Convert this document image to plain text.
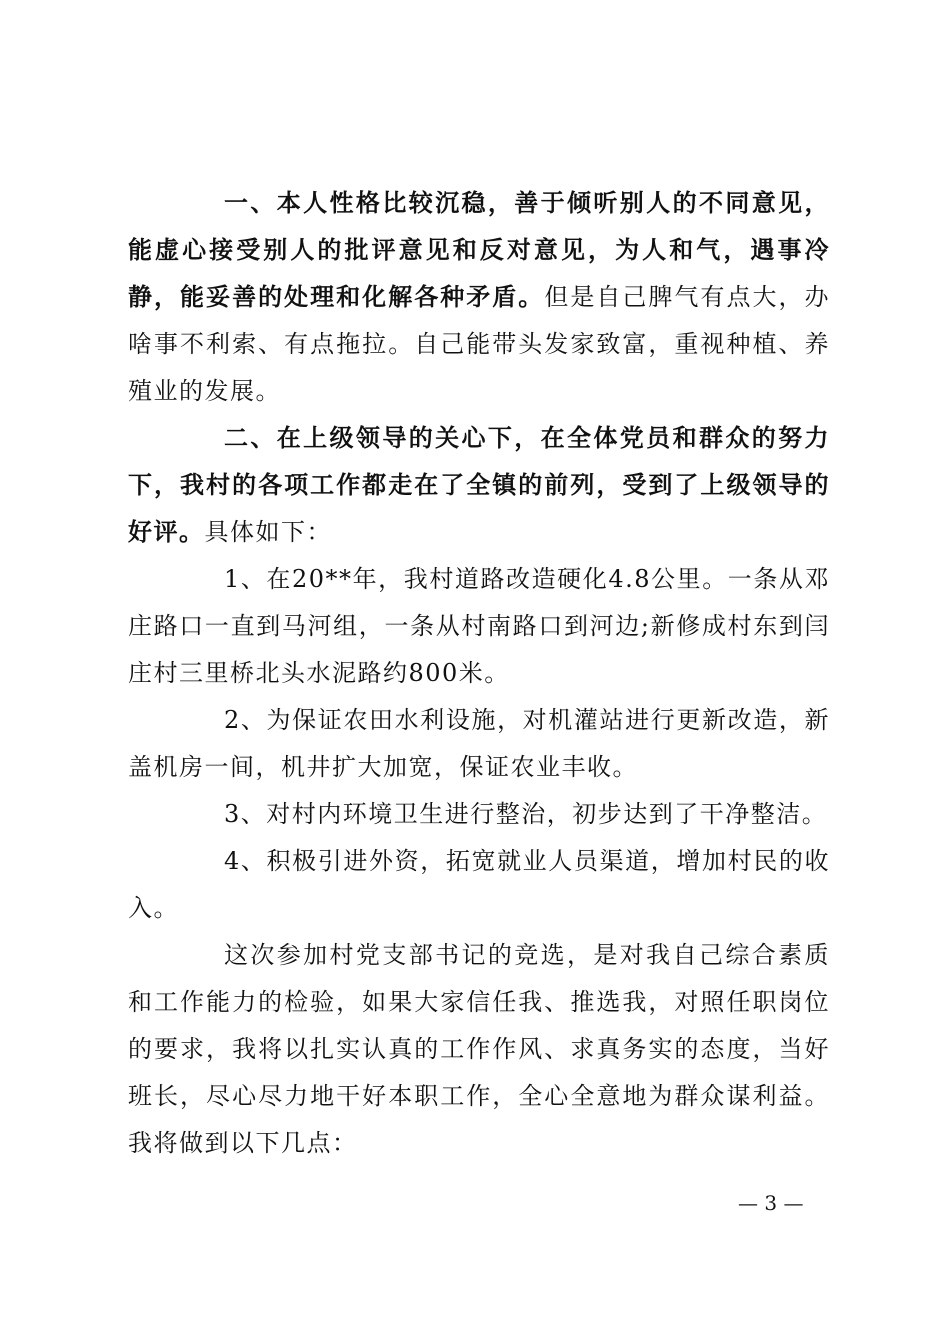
一、本人性格比较沉稳，善于倾听别人的不同意见，能虚心接受别人的批评意见和反对意见，为人和气，遇事冷静，能妥善的处理和化解各种矛盾。但是自己脾气有点大，办啥事不利索、有点拖拉。自己能带头发家致富，重视种植、养殖业的发展。

二、在上级领导的关心下，在全体党员和群众的努力下，我村的各项工作都走在了全镇的前列，受到了上级领导的好评。具体如下：

1、在20**年，我村道路改造硬化4.8公里。一条从邓庄路口一直到马河组，一条从村南路口到河边;新修成村东到闫庄村三里桥北头水泥路约800米。

2、为保证农田水利设施，对机灌站进行更新改造，新盖机房一间，机井扩大加宽，保证农业丰收。

3、对村内环境卫生进行整治，初步达到了干净整洁。

4、积极引进外资，拓宽就业人员渠道，增加村民的收入。

这次参加村党支部书记的竞选，是对我自己综合素质和工作能力的检验，如果大家信任我、推选我，对照任职岗位的要求，我将以扎实认真的工作作风、求真务实的态度，当好班长，尽心尽力地干好本职工作，全心全意地为群众谋利益。我将做到以下几点：

— 3 —
